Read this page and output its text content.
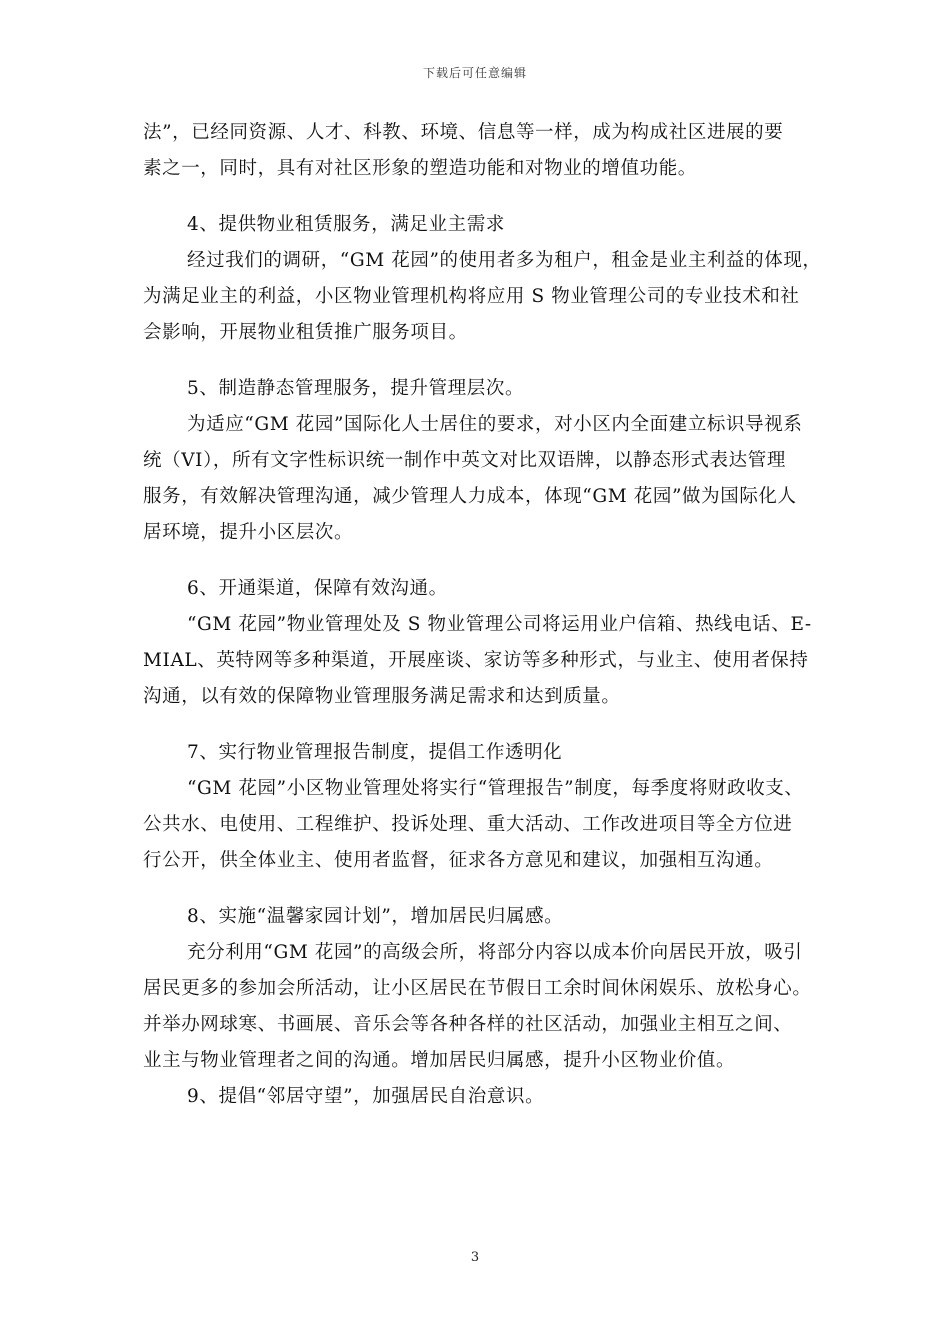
下载后可任意编辑
法”，已经同资源、人才、科教、环境、信息等一样，成为构成社区进展的要
素之一，同时，具有对社区形象的塑造功能和对物业的增值功能。
4、提供物业租赁服务，满足业主需求
经过我们的调研，“GM 花园”的使用者多为租户，租金是业主利益的体现，
为满足业主的利益，小区物业管理机构将应用 S 物业管理公司的专业技术和社
会影响，开展物业租赁推广服务项目。
5、制造静态管理服务，提升管理层次。
为适应“GM 花园”国际化人士居住的要求，对小区内全面建立标识导视系
统（VI），所有文字性标识统一制作中英文对比双语牌，以静态形式表达管理
服务，有效解决管理沟通，减少管理人力成本，体现“GM 花园”做为国际化人
居环境，提升小区层次。
6、开通渠道，保障有效沟通。
“GM 花园”物业管理处及 S 物业管理公司将运用业户信箱、热线电话、E-
MIAL、英特网等多种渠道，开展座谈、家访等多种形式，与业主、使用者保持
沟通，以有效的保障物业管理服务满足需求和达到质量。
7、实行物业管理报告制度，提倡工作透明化
“GM 花园”小区物业管理处将实行“管理报告”制度，每季度将财政收支、
公共水、电使用、工程维护、投诉处理、重大活动、工作改进项目等全方位进
行公开，供全体业主、使用者监督，征求各方意见和建议，加强相互沟通。
8、实施“温馨家园计划”，增加居民归属感。
充分利用“GM 花园”的高级会所，将部分内容以成本价向居民开放，吸引
居民更多的参加会所活动，让小区居民在节假日工余时间休闲娱乐、放松身心。
并举办网球寒、书画展、音乐会等各种各样的社区活动，加强业主相互之间、
业主与物业管理者之间的沟通。增加居民归属感，提升小区物业价值。
9、提倡“邻居守望”，加强居民自治意识。
3
